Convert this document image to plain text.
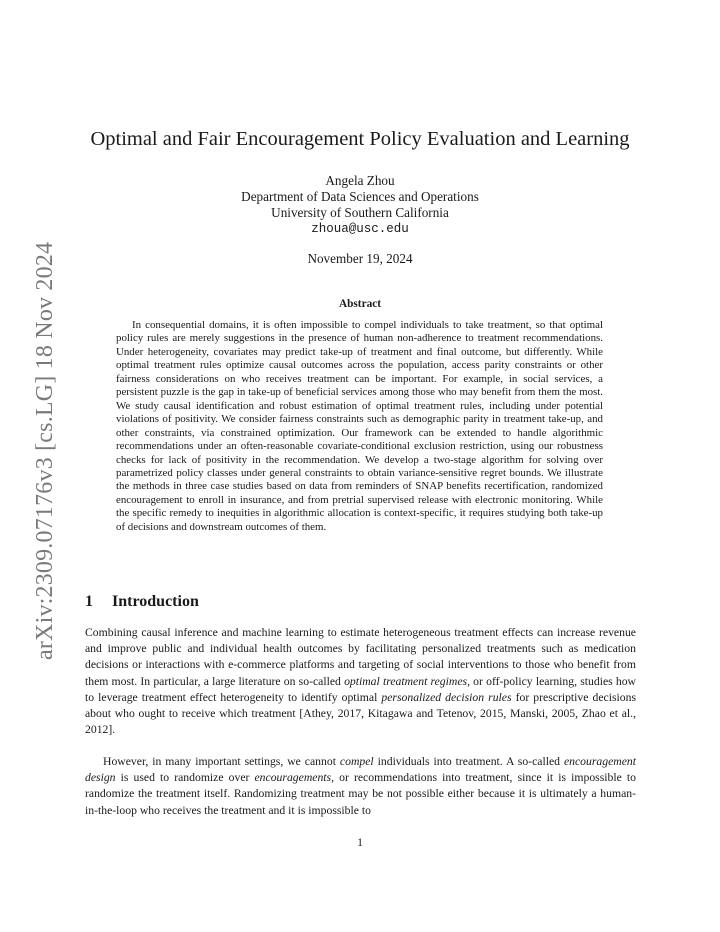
arXiv:2309.07176v3 [cs.LG] 18 Nov 2024
Optimal and Fair Encouragement Policy Evaluation and Learning
Angela Zhou
Department of Data Sciences and Operations
University of Southern California
zhoua@usc.edu
November 19, 2024
Abstract

In consequential domains, it is often impossible to compel individuals to take treatment, so that optimal policy rules are merely suggestions in the presence of human non-adherence to treatment recommendations. Under heterogeneity, covariates may predict take-up of treatment and final outcome, but differently. While optimal treatment rules optimize causal outcomes across the population, access parity constraints or other fairness considerations on who receives treatment can be important. For example, in social services, a persistent puzzle is the gap in take-up of beneficial services among those who may benefit from them the most. We study causal identification and robust estimation of optimal treatment rules, including under potential violations of positivity. We consider fairness constraints such as demographic parity in treatment take-up, and other constraints, via constrained optimization. Our framework can be extended to handle algorithmic recommendations under an often-reasonable covariate-conditional exclusion restriction, using our robustness checks for lack of positivity in the recommendation. We develop a two-stage algorithm for solving over parametrized policy classes under general constraints to obtain variance-sensitive regret bounds. We illustrate the methods in three case studies based on data from reminders of SNAP benefits recertification, randomized encouragement to enroll in insurance, and from pretrial supervised release with electronic monitoring. While the specific remedy to inequities in algorithmic allocation is context-specific, it requires studying both take-up of decisions and downstream outcomes of them.

1 Introduction

Combining causal inference and machine learning to estimate heterogeneous treatment effects can increase revenue and improve public and individual health outcomes by facilitating personalized treatments such as medication decisions or interactions with e-commerce platforms and targeting of social interventions to those who benefit from them most. In particular, a large literature on so-called optimal treatment regimes, or off-policy learning, studies how to leverage treatment effect heterogeneity to identify optimal personalized decision rules for prescriptive decisions about who ought to receive which treatment [Athey, 2017, Kitagawa and Tetenov, 2015, Manski, 2005, Zhao et al., 2012].

However, in many important settings, we cannot compel individuals into treatment. A so-called encouragement design is used to randomize over encouragements, or recommendations into treatment, since it is impossible to randomize the treatment itself. Randomizing treatment may be not possible either because it is ultimately a human-in-the-loop who receives the treatment and it is impossible to

1
